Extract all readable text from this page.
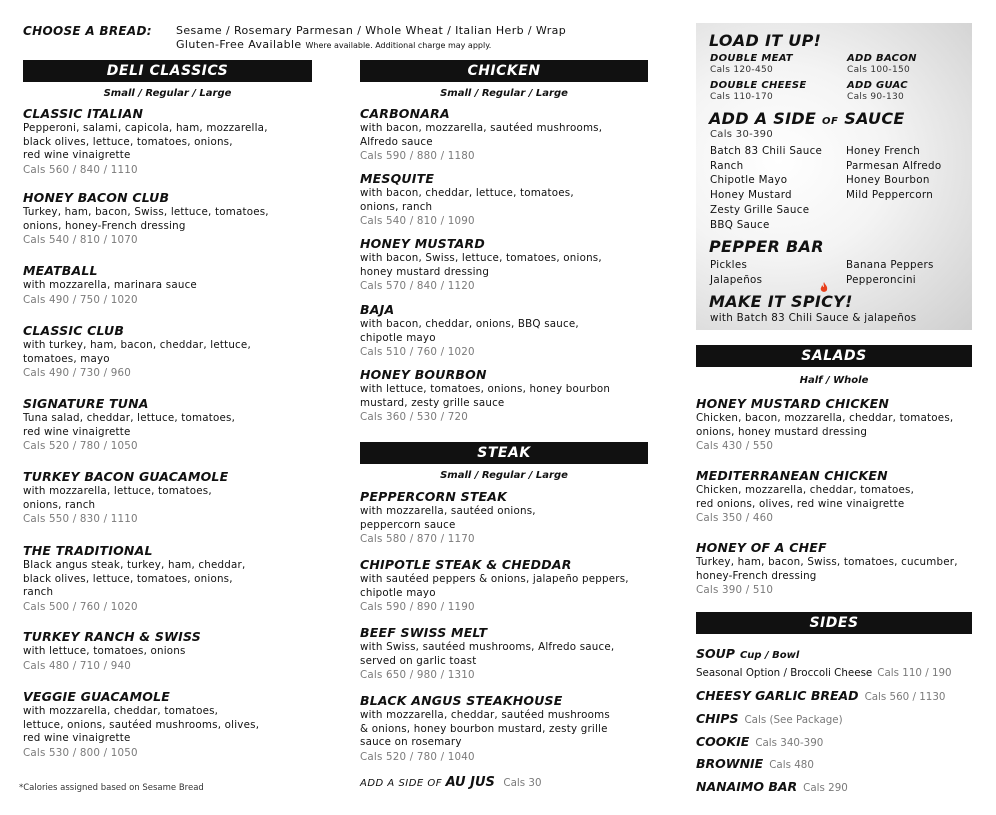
CHOOSE A BREAD: Sesame / Rosemary Parmesan / Whole Wheat / Italian Herb / Wrap
Gluten-Free Available Where available. Additional charge may apply.
DELI CLASSICS
Small / Regular / Large
CLASSIC ITALIAN
Pepperoni, salami, capicola, ham, mozzarella,
black olives, lettuce, tomatoes, onions,
red wine vinaigrette
Cals 560 / 840 / 1110
HONEY BACON CLUB
Turkey, ham, bacon, Swiss, lettuce, tomatoes,
onions, honey-French dressing
Cals 540 / 810 / 1070
MEATBALL
with mozzarella, marinara sauce
Cals 490 / 750 / 1020
CLASSIC CLUB
with turkey, ham, bacon, cheddar, lettuce,
tomatoes, mayo
Cals 490 / 730 / 960
SIGNATURE TUNA
Tuna salad, cheddar, lettuce, tomatoes,
red wine vinaigrette
Cals 520 / 780 / 1050
TURKEY BACON GUACAMOLE
with mozzarella, lettuce, tomatoes,
onions, ranch
Cals 550 / 830 / 1110
THE TRADITIONAL
Black angus steak, turkey, ham, cheddar,
black olives, lettuce, tomatoes, onions,
ranch
Cals 500 / 760 / 1020
TURKEY RANCH & SWISS
with lettuce, tomatoes, onions
Cals 480 / 710 / 940
VEGGIE GUACAMOLE
with mozzarella, cheddar, tomatoes,
lettuce, onions, sautéed mushrooms, olives,
red wine vinaigrette
Cals 530 / 800 / 1050
*Calories assigned based on Sesame Bread
CHICKEN
Small / Regular / Large
CARBONARA
with bacon, mozzarella, sautéed mushrooms,
Alfredo sauce
Cals 590 / 880 / 1180
MESQUITE
with bacon, cheddar, lettuce, tomatoes,
onions, ranch
Cals 540 / 810 / 1090
HONEY MUSTARD
with bacon, Swiss, lettuce, tomatoes, onions,
honey mustard dressing
Cals 570 / 840 / 1120
BAJA
with bacon, cheddar, onions, BBQ sauce,
chipotle mayo
Cals 510 / 760 / 1020
HONEY BOURBON
with lettuce, tomatoes, onions, honey bourbon
mustard, zesty grille sauce
Cals 360 / 530 / 720
STEAK
Small / Regular / Large
PEPPERCORN STEAK
with mozzarella, sautéed onions,
peppercorn sauce
Cals 580 / 870 / 1170
CHIPOTLE STEAK & CHEDDAR
with sautéed peppers & onions, jalapeño peppers,
chipotle mayo
Cals 590 / 890 / 1190
BEEF SWISS MELT
with Swiss, sautéed mushrooms, Alfredo sauce,
served on garlic toast
Cals 650 / 980 / 1310
BLACK ANGUS STEAKHOUSE
with mozzarella, cheddar, sautéed mushrooms
& onions, honey bourbon mustard, zesty grille
sauce on rosemary
Cals 520 / 780 / 1040
ADD A SIDE OF AU JUS Cals 30
LOAD IT UP!
DOUBLE MEAT
Cals 120-450
ADD BACON
Cals 100-150
DOUBLE CHEESE
Cals 110-170
ADD GUAC
Cals 90-130
ADD A SIDE OF SAUCE
Cals 30-390
Batch 83 Chili Sauce
Ranch
Chipotle Mayo
Honey Mustard
Zesty Grille Sauce
BBQ Sauce
Honey French
Parmesan Alfredo
Honey Bourbon
Mild Peppercorn
PEPPER BAR
Pickles
Jalapeños
Banana Peppers
Pepperoncini
MAKE IT SPICY!
with Batch 83 Chili Sauce & jalapeños
SALADS
Half / Whole
HONEY MUSTARD CHICKEN
Chicken, bacon, mozzarella, cheddar, tomatoes,
onions, honey mustard dressing
Cals 430 / 550
MEDITERRANEAN CHICKEN
Chicken, mozzarella, cheddar, tomatoes,
red onions, olives, red wine vinaigrette
Cals 350 / 460
HONEY OF A CHEF
Turkey, ham, bacon, Swiss, tomatoes, cucumber,
honey-French dressing
Cals 390 / 510
SIDES
SOUP Cup / Bowl
Seasonal Option / Broccoli Cheese Cals 110 / 190
CHEESY GARLIC BREAD Cals 560 / 1130
CHIPS Cals (See Package)
COOKIE Cals 340-390
BROWNIE Cals 480
NANAIMO BAR Cals 290
